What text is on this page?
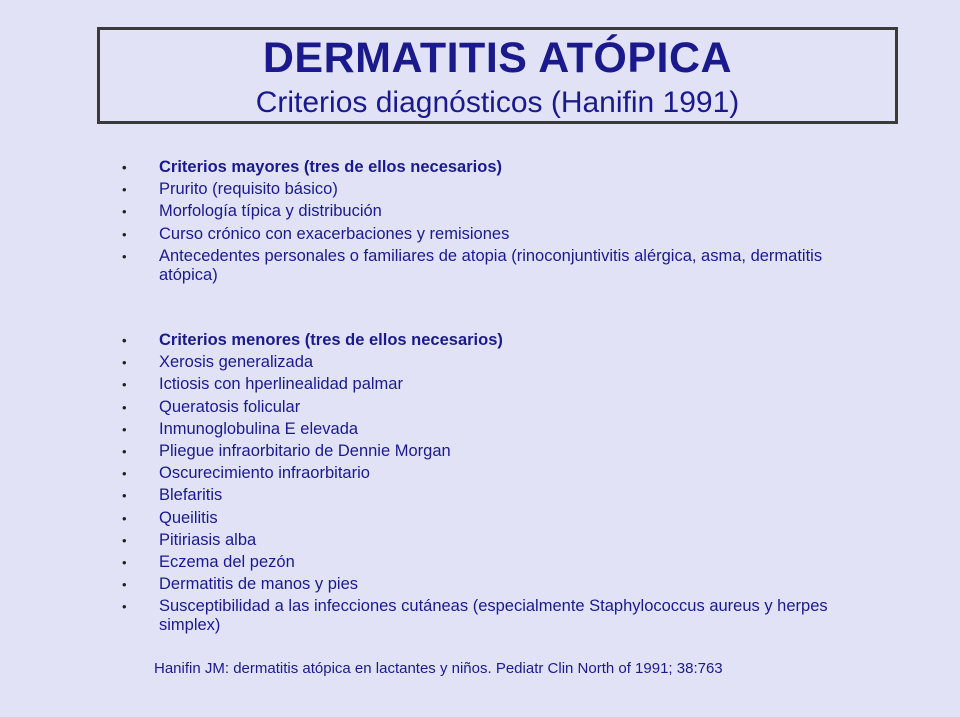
DERMATITIS ATÓPICA
Criterios diagnósticos (Hanifin 1991)
• Criterios mayores (tres de ellos necesarios)
• Prurito (requisito básico)
• Morfología típica y distribución
• Curso crónico con exacerbaciones y remisiones
• Antecedentes personales o familiares de atopia (rinoconjuntivitis alérgica, asma, dermatitis atópica)
• Criterios menores (tres de ellos necesarios)
• Xerosis generalizada
• Ictiosis con hperlinealidad palmar
• Queratosis folicular
• Inmunoglobulina E elevada
• Pliegue infraorbitario de Dennie Morgan
• Oscurecimiento infraorbitario
• Blefaritis
• Queilitis
• Pitiriasis alba
• Eczema del pezón
• Dermatitis de manos y pies
• Susceptibilidad a las infecciones cutáneas (especialmente Staphylococcus aureus y herpes simplex)
Hanifin JM: dermatitis atópica en lactantes y niños. Pediatr Clin North of 1991; 38:763
